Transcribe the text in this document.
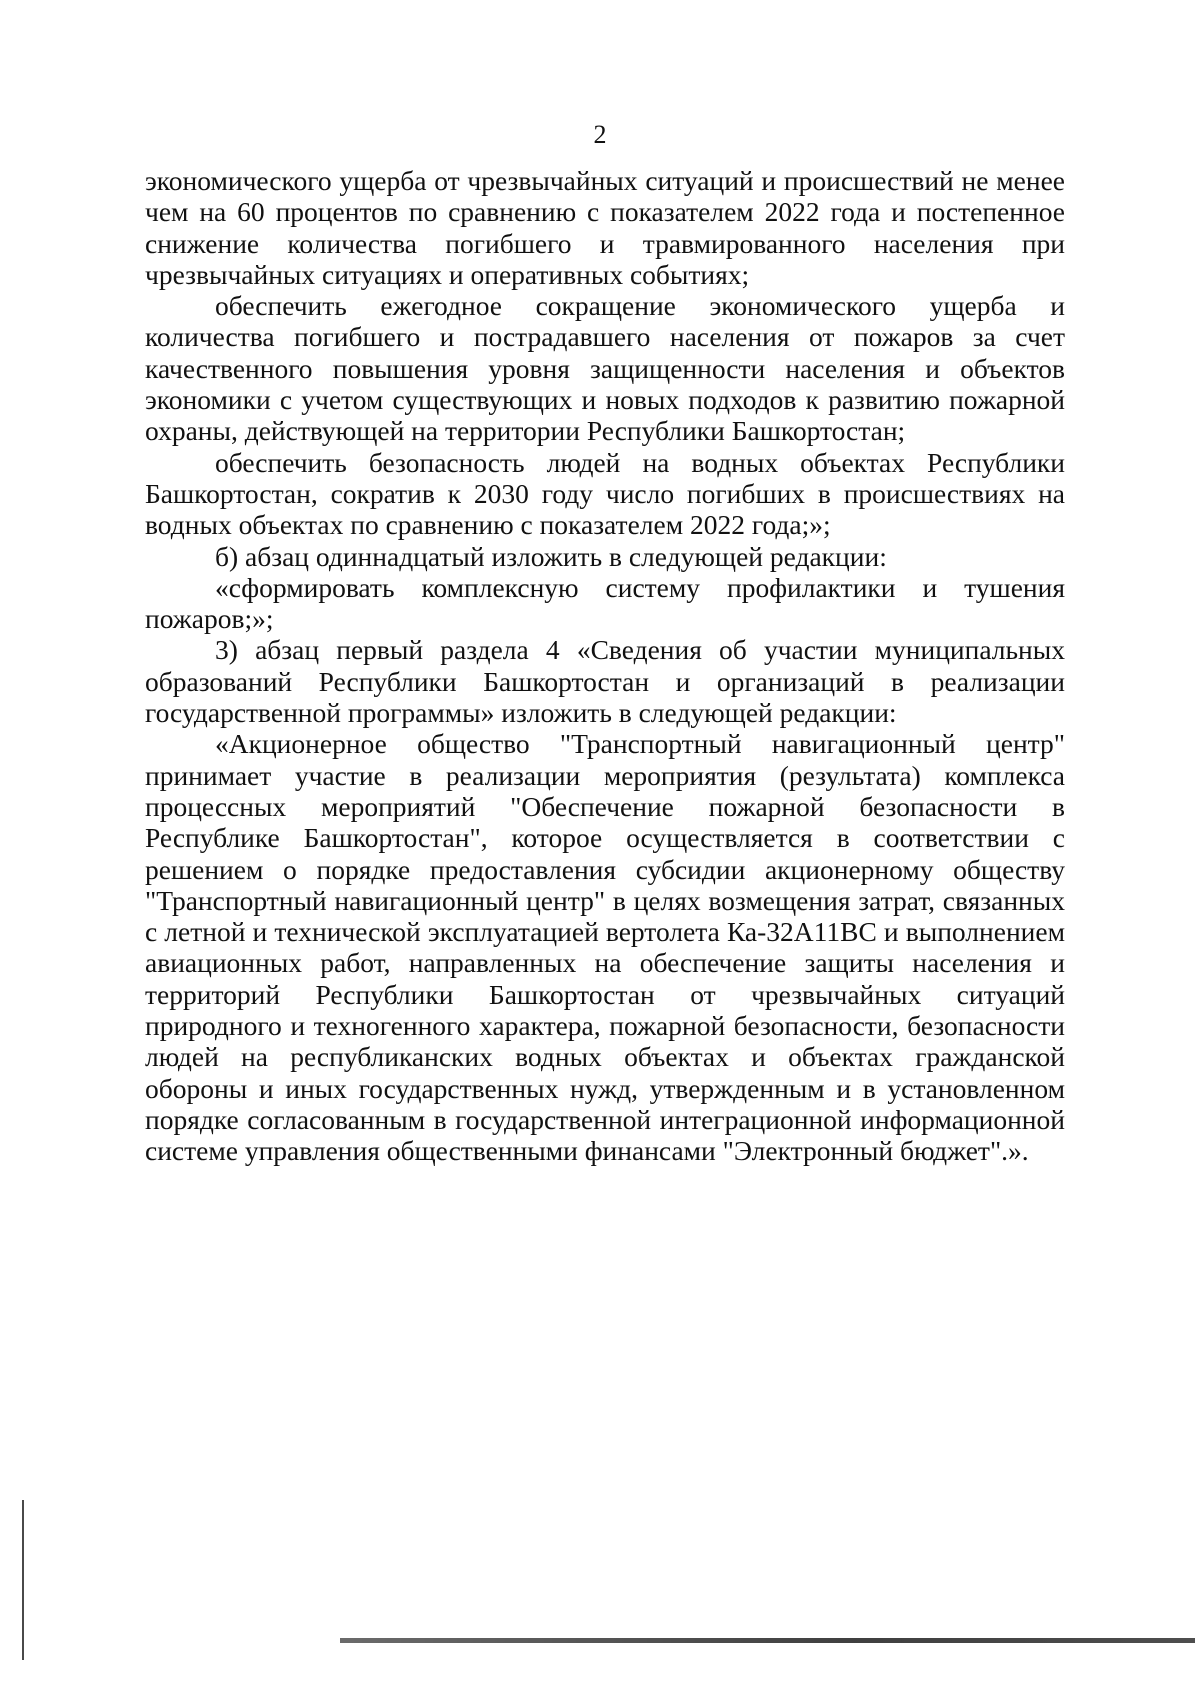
2

экономического ущерба от чрезвычайных ситуаций и происшествий не менее чем на 60 процентов по сравнению с показателем 2022 года и постепенное снижение количества погибшего и травмированного населения при чрезвычайных ситуациях и оперативных событиях;

обеспечить ежегодное сокращение экономического ущерба и количества погибшего и пострадавшего населения от пожаров за счет качественного повышения уровня защищенности населения и объектов экономики с учетом существующих и новых подходов к развитию пожарной охраны, действующей на территории Республики Башкортостан;

обеспечить безопасность людей на водных объектах Республики Башкортостан, сократив к 2030 году число погибших в происшествиях на водных объектах по сравнению с показателем 2022 года;»;

б) абзац одиннадцатый изложить в следующей редакции:

«сформировать комплексную систему профилактики и тушения пожаров;»;

3) абзац первый раздела 4 «Сведения об участии муниципальных образований Республики Башкортостан и организаций в реализации государственной программы» изложить в следующей редакции:

«Акционерное общество "Транспортный навигационный центр" принимает участие в реализации мероприятия (результата) комплекса процессных мероприятий "Обеспечение пожарной безопасности в Республике Башкортостан", которое осуществляется в соответствии с решением о порядке предоставления субсидии акционерному обществу "Транспортный навигационный центр" в целях возмещения затрат, связанных с летной и технической эксплуатацией вертолета Ка-32А11ВС и выполнением авиационных работ, направленных на обеспечение защиты населения и территорий Республики Башкортостан от чрезвычайных ситуаций природного и техногенного характера, пожарной безопасности, безопасности людей на республиканских водных объектах и объектах гражданской обороны и иных государственных нужд, утвержденным и в установленном порядке согласованным в государственной интеграционной информационной системе управления общественными финансами "Электронный бюджет".».
